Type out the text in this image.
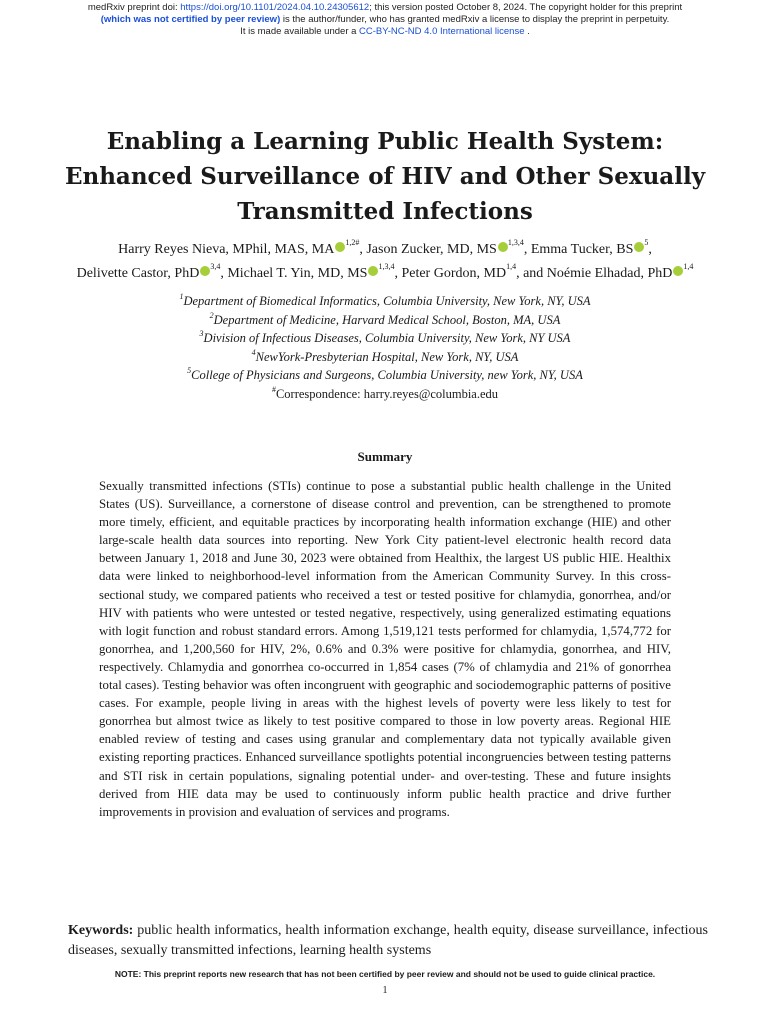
medRxiv preprint doi: https://doi.org/10.1101/2024.04.10.24305612; this version posted October 8, 2024. The copyright holder for this preprint
(which was not certified by peer review) is the author/funder, who has granted medRxiv a license to display the preprint in perpetuity.
It is made available under a CC-BY-NC-ND 4.0 International license .
Enabling a Learning Public Health System:
Enhanced Surveillance of HIV and Other Sexually
Transmitted Infections
Harry Reyes Nieva, MPhil, MAS, MA $^{1,2\#}$, Jason Zucker, MD, MS $^{1,3,4}$, Emma Tucker, BS $^5$,
Delivette Castor, PhD $^{3,4}$, Michael T. Yin, MD, MS $^{1,3,4}$, Peter Gordon, MD$^{1,4}$, and Noémie Elhadad, PhD $^{1,4}$
$^1$Department of Biomedical Informatics, Columbia University, New York, NY, USA
$^2$Department of Medicine, Harvard Medical School, Boston, MA, USA
$^3$Division of Infectious Diseases, Columbia University, New York, NY USA
$^4$NewYork-Presbyterian Hospital, New York, NY, USA
$^5$College of Physicians and Surgeons, Columbia University, new York, NY, USA
#Correspondence: harry.reyes@columbia.edu
Summary
Sexually transmitted infections (STIs) continue to pose a substantial public health challenge in the United States (US). Surveillance, a cornerstone of disease control and prevention, can be strengthened to promote more timely, efficient, and equitable practices by incorporating health information exchange (HIE) and other large-scale health data sources into reporting. New York City patient-level electronic health record data between January 1, 2018 and June 30, 2023 were obtained from Healthix, the largest US public HIE. Healthix data were linked to neighborhood-level information from the American Community Survey. In this cross-sectional study, we compared patients who received a test or tested positive for chlamydia, gonorrhea, and/or HIV with patients who were untested or tested negative, respectively, using generalized estimating equations with logit function and robust standard errors. Among 1,519,121 tests performed for chlamydia, 1,574,772 for gonorrhea, and 1,200,560 for HIV, 2%, 0.6% and 0.3% were positive for chlamydia, gonorrhea, and HIV, respectively. Chlamydia and gonorrhea co-occurred in 1,854 cases (7% of chlamydia and 21% of gonorrhea total cases). Testing behavior was often incongruent with geographic and sociodemographic patterns of positive cases. For example, people living in areas with the highest levels of poverty were less likely to test for gonorrhea but almost twice as likely to test positive compared to those in low poverty areas. Regional HIE enabled review of testing and cases using granular and complementary data not typically available given existing reporting practices. Enhanced surveillance spotlights potential incongruencies between testing patterns and STI risk in certain populations, signaling potential under- and over-testing. These and future insights derived from HIE data may be used to continuously inform public health practice and drive further improvements in provision and evaluation of services and programs.
Keywords: public health informatics, health information exchange, health equity, disease surveillance, infectious diseases, sexually transmitted infections, learning health systems
NOTE: This preprint reports new research that has not been certified by peer review and should not be used to guide clinical practice.
1
